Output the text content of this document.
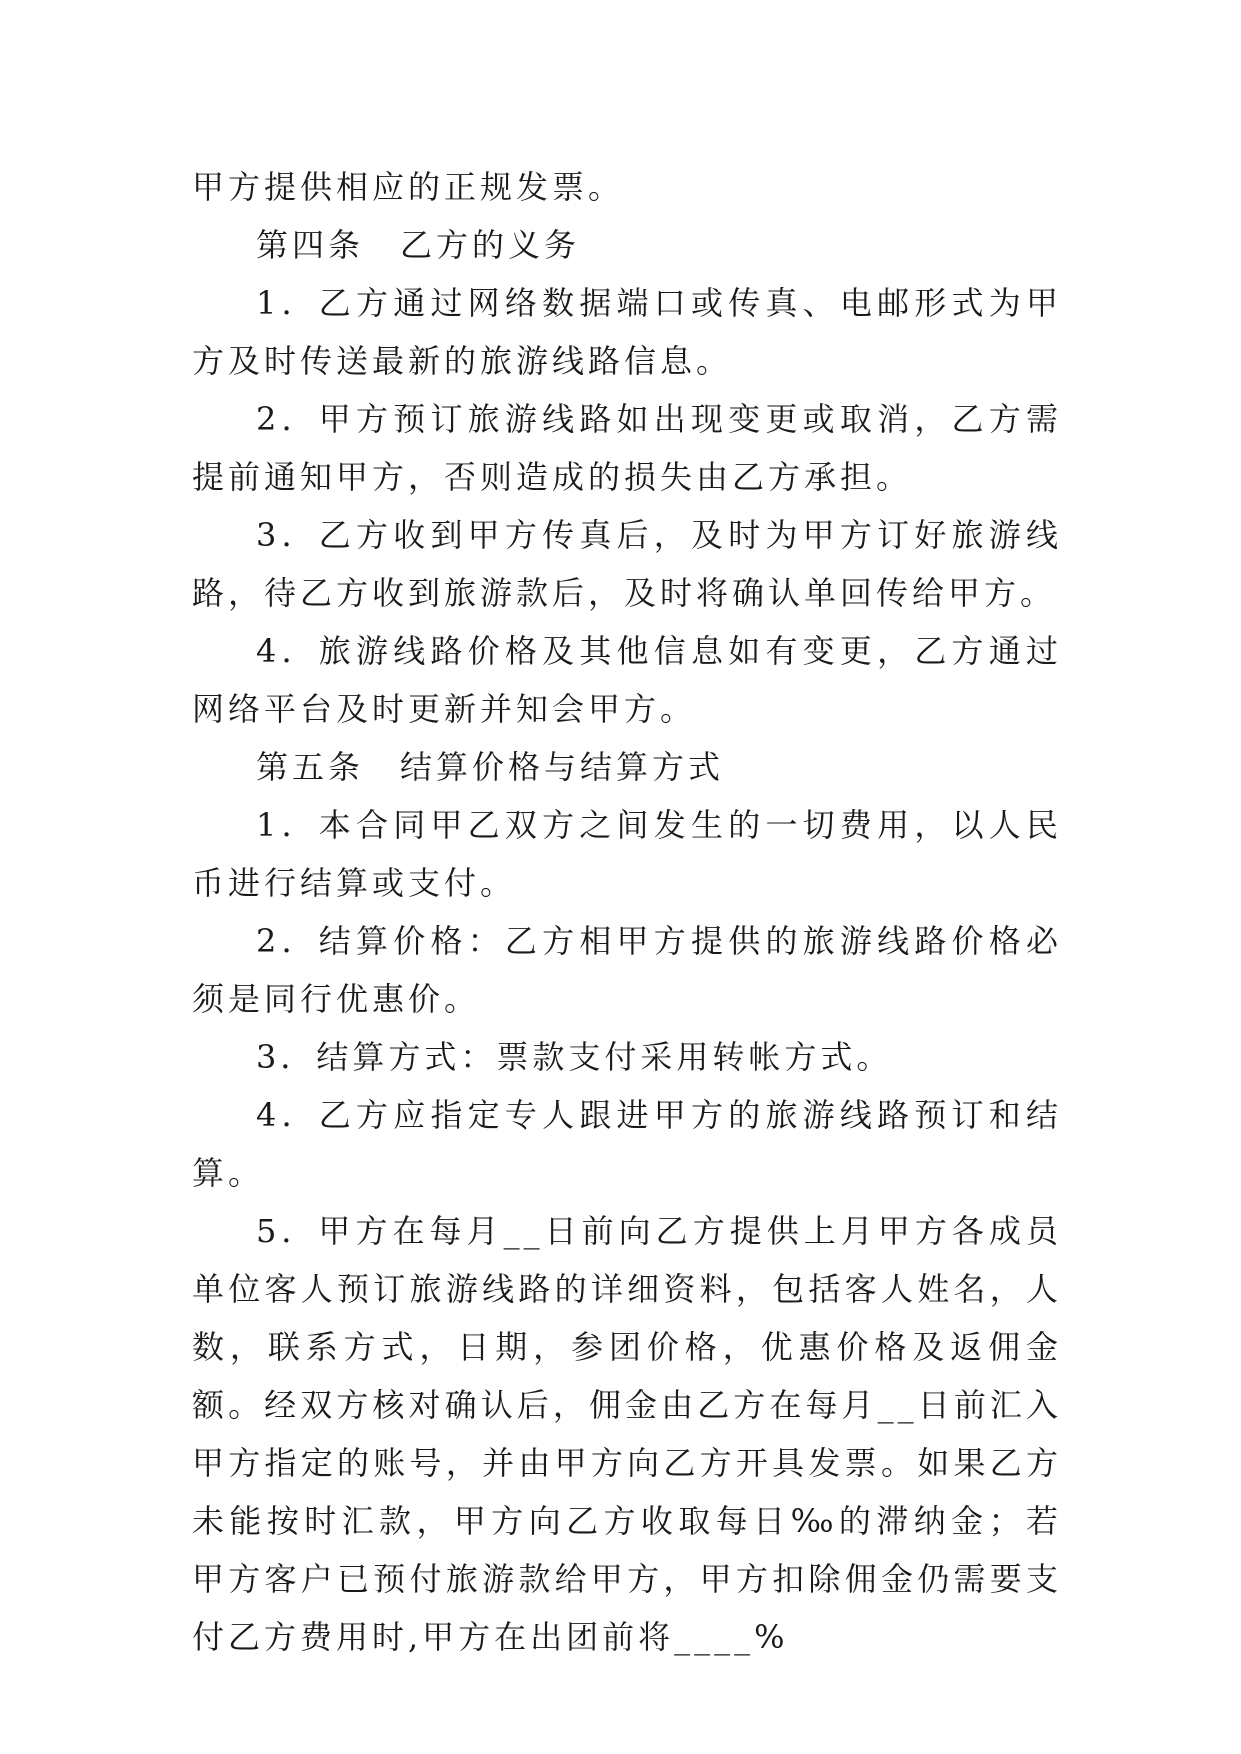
甲方提供相应的正规发票。

第四条　乙方的义务

1．乙方通过网络数据端口或传真、电邮形式为甲方及时传送最新的旅游线路信息。

2．甲方预订旅游线路如出现变更或取消，乙方需提前通知甲方，否则造成的损失由乙方承担。

3．乙方收到甲方传真后，及时为甲方订好旅游线路，待乙方收到旅游款后，及时将确认单回传给甲方。

4．旅游线路价格及其他信息如有变更，乙方通过网络平台及时更新并知会甲方。

第五条　结算价格与结算方式

1．本合同甲乙双方之间发生的一切费用，以人民币进行结算或支付。

2．结算价格：乙方相甲方提供的旅游线路价格必须是同行优惠价。

3．结算方式：票款支付采用转帐方式。

4．乙方应指定专人跟进甲方的旅游线路预订和结算。

5．甲方在每月__日前向乙方提供上月甲方各成员单位客人预订旅游线路的详细资料，包括客人姓名，人数，联系方式，日期，参团价格，优惠价格及返佣金额。经双方核对确认后，佣金由乙方在每月__日前汇入甲方指定的账号，并由甲方向乙方开具发票。如果乙方未能按时汇款，甲方向乙方收取每日‰的滞纳金；若甲方客户已预付旅游款给甲方，甲方扣除佣金仍需要支付乙方费用时,甲方在出团前将____%
